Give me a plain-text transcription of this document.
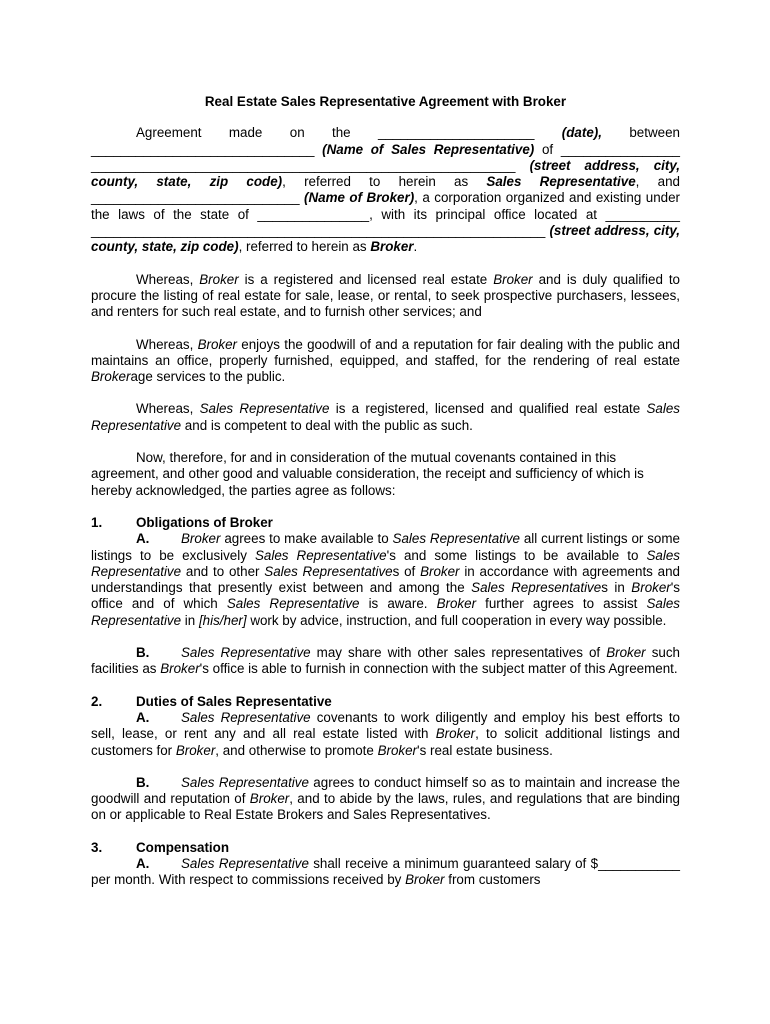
Real Estate Sales Representative Agreement with Broker

Agreement made on the _____________________ (date), between ______________________________ (Name of Sales Representative) of ________________ _________________________________________________________ (street address, city, county, state, zip code), referred to herein as Sales Representative, and ____________________________ (Name of Broker), a corporation organized and existing under the laws of the state of _______________, with its principal office located at __________ _____________________________________________________________ (street address, city, county, state, zip code), referred to herein as Broker.

Whereas, Broker is a registered and licensed real estate Broker and is duly qualified to procure the listing of real estate for sale, lease, or rental, to seek prospective purchasers, lessees, and renters for such real estate, and to furnish other services; and

Whereas, Broker enjoys the goodwill of and a reputation for fair dealing with the public and maintains an office, properly furnished, equipped, and staffed, for the rendering of real estate Brokerage services to the public.

Whereas, Sales Representative is a registered, licensed and qualified real estate Sales Representative and is competent to deal with the public as such.

Now, therefore, for and in consideration of the mutual covenants contained in this agreement, and other good and valuable consideration, the receipt and sufficiency of which is hereby acknowledged, the parties agree as follows:

1.	Obligations of Broker

A. Broker agrees to make available to Sales Representative all current listings or some listings to be exclusively Sales Representative's and some listings to be available to Sales Representative and to other Sales Representatives of Broker in accordance with agreements and understandings that presently exist between and among the Sales Representatives in Broker's office and of which Sales Representative is aware. Broker further agrees to assist Sales Representative in [his/her] work by advice, instruction, and full cooperation in every way possible.

B. Sales Representative may share with other sales representatives of Broker such facilities as Broker's office is able to furnish in connection with the subject matter of this Agreement.

2.	Duties of Sales Representative

A. Sales Representative covenants to work diligently and employ his best efforts to sell, lease, or rent any and all real estate listed with Broker, to solicit additional listings and customers for Broker, and otherwise to promote Broker's real estate business.

B. Sales Representative agrees to conduct himself so as to maintain and increase the goodwill and reputation of Broker, and to abide by the laws, rules, and regulations that are binding on or applicable to Real Estate Brokers and Sales Representatives.

3.	Compensation

A. Sales Representative shall receive a minimum guaranteed salary of $___________ per month. With respect to commissions received by Broker from customers
